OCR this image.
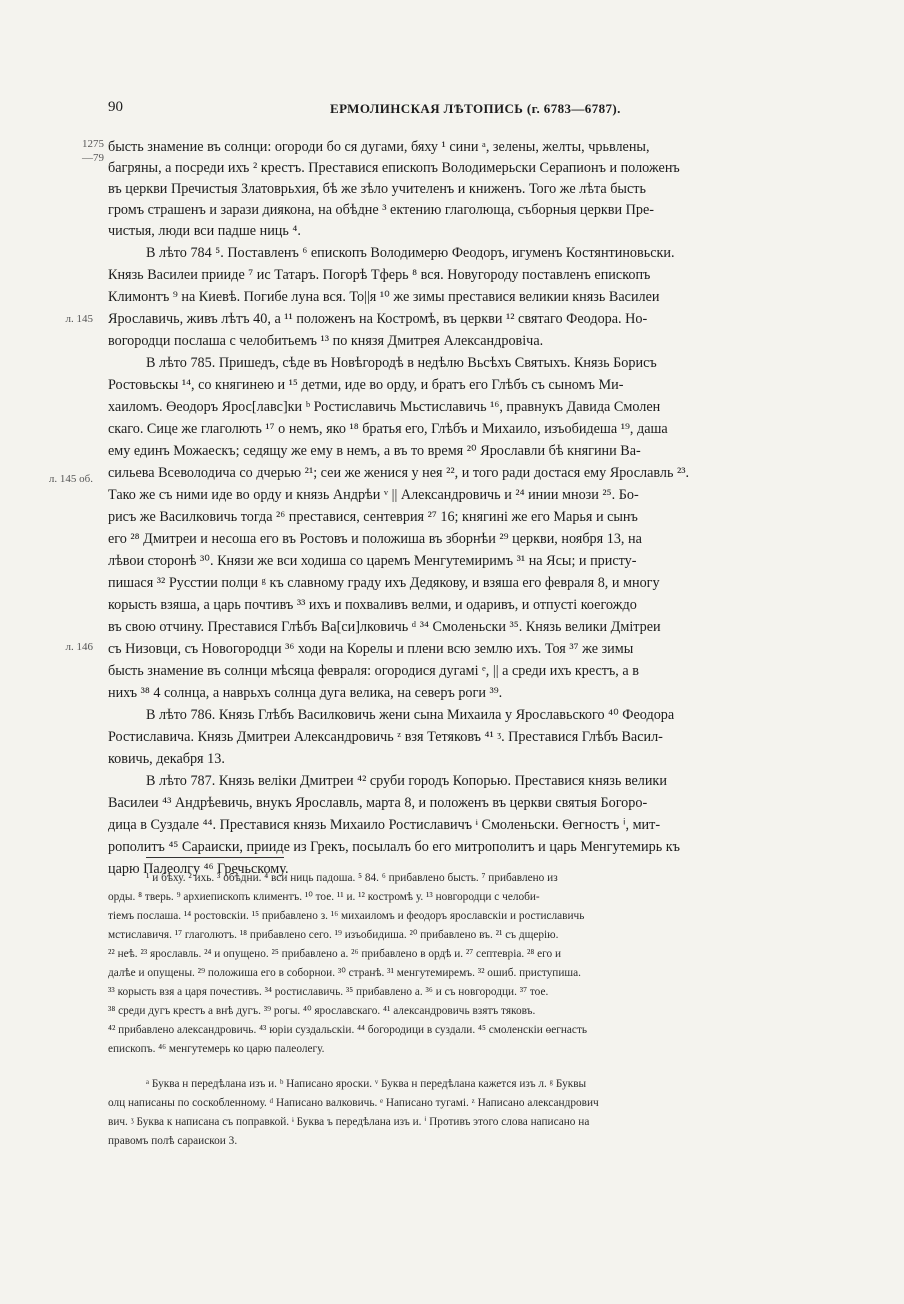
90	ЕРМОЛИНСКАЯ ЛѢТОПИСЬ (г. 6783—6787).
1275
—79
л. 145
л. 145 об.
л. 146
бысть знамение въ солнци: огороди бо ся дугами, бяху ¹ сини ᵃ, зелены, желты, чрьвлены,
багряны, а посреди ихъ ² крестъ. Преставися епископъ Володимерьски Серапионъ и положенъ
въ церкви Пречистыя Златоврьхия, бѣ же зѣло учителенъ и книженъ. Того же лѣта бысть
громъ страшенъ и зарази диякона, на обѣдне ³ ектению глаголюща, съборныя церкви Пре-
чистыя, люди вси падше ниць ⁴.
В лѣто 784 ⁵. Поставленъ ⁶ епископъ Володимерю Феодоръ, игуменъ Костянтиновьски.
Князь Василеи приидe ⁷ ис Татаръ. Погорѣ Тферь ⁸ вся. Новугороду поставленъ епископъ
Климонтъ ⁹ на Киевѣ. Погибе луна вся. То||я ¹⁰ же зимы преставися великии князь Василеи
Ярославичь, живъ лѣтъ 40, а ¹¹ положенъ на Костромѣ, въ церкви ¹² святаго Феодора. Но-
вогородци послаша с челобитьемъ ¹³ по князя Дмитрея Александровiча.
В лѣто 785. Пришедъ, сѣде въ Новѣгородѣ в недѣлю Вьсѣхъ Святыхъ. Князь Борисъ
Ростовьскы ¹⁴, со княгинею и ¹⁵ детми, иде во орду, и братъ его Глѣбъ съ сыномъ Ми-
хаиломъ. Өеодоръ Ярос[лавс]ки ᵇ Ростиславичь Мьстиславичь ¹⁶, правнукъ Давида Смолен
скаго. Сице же глаголють ¹⁷ о немъ, яко ¹⁸ братья его, Глѣбъ и Михаило, изъобидеша ¹⁹, даша
ему единъ Можаескъ; седящу же ему в немъ, а въ то время ²⁰ Ярославли бѣ княгини Ва-
сильева Всеволодича со дчерью ²¹; сеи же женися у нея ²², и того ради достася ему Ярославль ²³.
Тако же съ ними иде во орду и князь Андрѣи ᵛ || Александровичь и ²⁴ инии мнози ²⁵. Бо-
рисъ же Василковичь тогда ²⁶ преставися, сентевриᴙ ²⁷ 16; княгинi же его Марья и сынъ
его ²⁸ Дмитреи и несоша его въ Ростовъ и положиша въ зборнѣи ²⁹ церкви, ноября 13, на
лѣвои сторонѣ ³⁰. Князи же вси ходиша со царемъ Менгутемиримъ ³¹ на Ясы; и присту-
пишася ³² Русстии полци ᵍ къ славному граду ихъ Дедякову, и взяша его февраля 8, и многу
корысть взяша, а царь почтивъ ³³ ихъ и похваливъ велми, и одаривъ, и отпусті коегождо
въ свою отчину. Преставися Глѣбъ Ва[си]лковичь ᵈ ³⁴ Смоленьски ³⁵. Князь велики Дмітреи
съ Низовци, съ Новогородци ³⁶ ходи на Корелы и плени всю землю ихъ. Тоя ³⁷ же зимы
бысть знамение въ солнци мѣсяца февраля: огородися дугамі ᵉ, || а среди ихъ крестъ, а в
нихъ ³⁸ 4 солнца, а наврьхъ солнца дуга велика, на северъ роги ³⁹.
В лѣто 786. Князь Глѣбъ Василковичь жени сына Михаила у Ярославьского ⁴⁰ Феодора
Ростиславича. Князь Дмитреи Александровичь ᶻ взя Тетяковъ ⁴¹ ᶾ. Преставися Глѣбъ Васил-
ковичь, декабря 13.
В лѣто 787. Князь велiки Дмитреи ⁴² сруби городъ Копорью. Преставися князь велики
Василеи ⁴³ Андрѣевичь, внукъ Ярославль, марта 8, и положенъ въ церкви святыя Богоро-
дица в Суздале ⁴⁴. Преставися князь Михаило Ростиславичъ ᶤ Смоленьски. Өегностъ ⁱ, мит-
рополитъ ⁴⁵ Сараиски, прииде из Грекъ, посылалъ бо его митрополитъ и царь Менгутемирь къ
царю Палеолгу ⁴⁶ Гречьскому.
¹ и бѣху. ² ихь. ³ обѣдни. ⁴ вси ниць падоша. ⁵ 84. ⁶ прибавлено бысть. ⁷ прибавлено из
орды. ⁸ тверь. ⁹ архиепископъ климентъ. ¹⁰ тое. ¹¹ и. ¹² костромѣ у. ¹³ новгородци с челоби-
тiемъ послаша. ¹⁴ ростовскiи. ¹⁵ прибавлено з. ¹⁶ михаиломъ и феодоръ ярославскiи и ростиславичь
мстиславичя. ¹⁷ глаголютъ. ¹⁸ прибавлено сего. ¹⁹ изъобидиша. ²⁰ прибавлено въ. ²¹ съ дщерiю.
²² неѣ. ²³ ярославль. ²⁴ и опущено. ²⁵ прибавлено а. ²⁶ прибавлено в ордѣ и. ²⁷ септевріа. ²⁸ его и
далѣе и опущены. ²⁹ положиша его в соборнои. ³⁰ странѣ. ³¹ менгутемиремъ. ³² ошиб. приступиша.
³³ корысть взя а царя почестивъ. ³⁴ ростиславичь. ³⁵ прибавлено а. ³⁶ и съ новгородци. ³⁷ тое.
³⁸ среди дугъ крестъ а внѣ дугъ. ³⁹ рогы. ⁴⁰ ярославскаго. ⁴¹ александровичь взятъ тяковъ.
⁴² прибавлено александровичь. ⁴³ юріи суздальскiи. ⁴⁴ богородици в суздали. ⁴⁵ смоленскiи өегнасть
епископъ. ⁴⁶ менгутемерь ко царю палеолегу.
ᵃ Буква н передѣлана изъ и. ᵇ Написано яроски. ᵛ Буква н передѣлана кажется изъ л. ᵍ Буквы
олц написаны по соскобленному. ᵈ Написано валковичь. ᵉ Написано тугамі. ᶻ Написано александрович
вич. ᶾ Буква к написана съ поправкой. ᶤ Буква ъ передѣлана изъ и. ⁱ Противъ этого слова написано на
правомъ полѣ сараискои 3.
